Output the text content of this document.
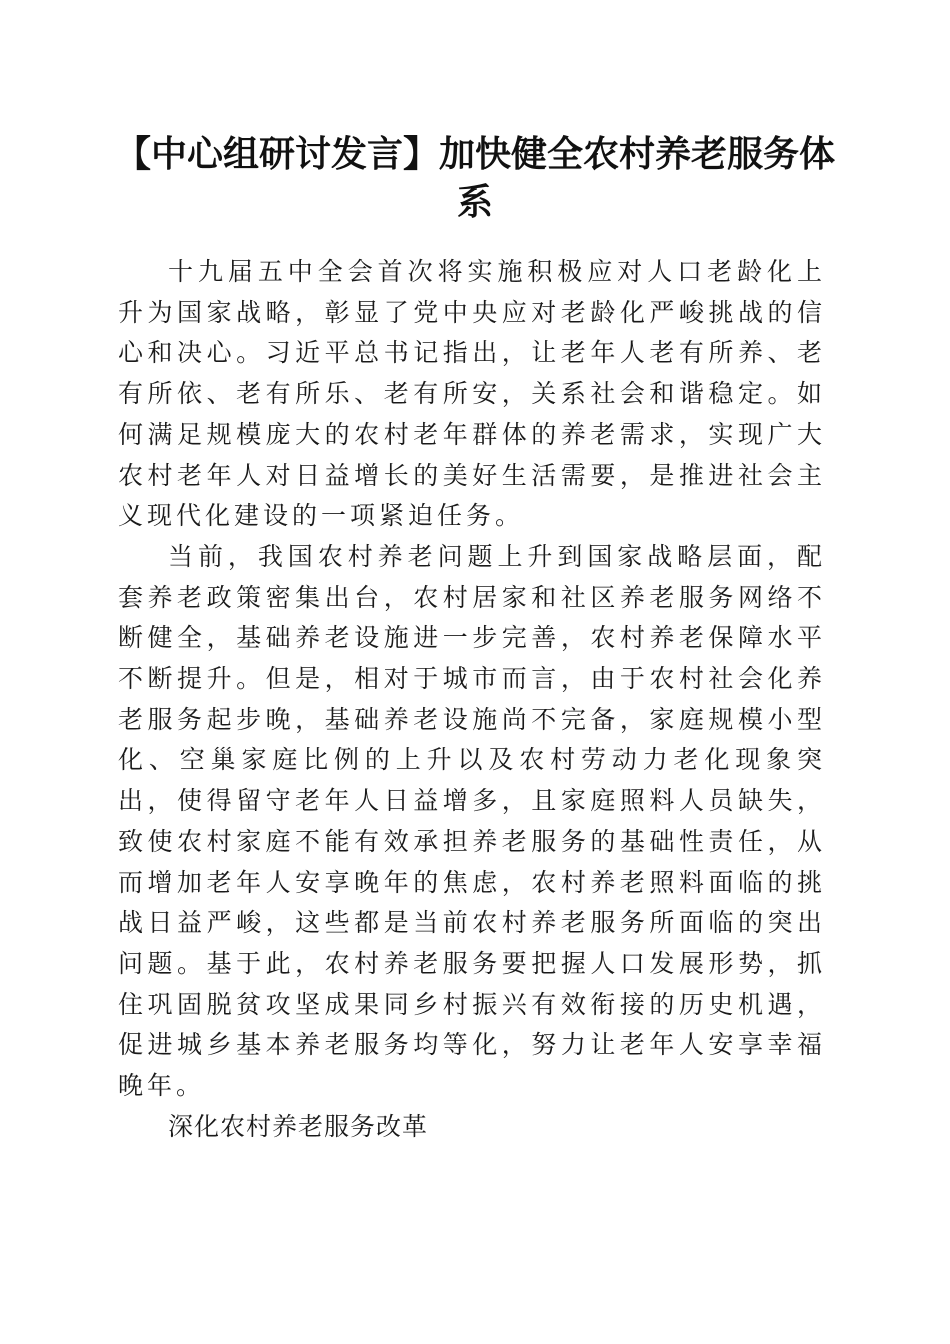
【中心组研讨发言】加快健全农村养老服务体系

十九届五中全会首次将实施积极应对人口老龄化上升为国家战略，彰显了党中央应对老龄化严峻挑战的信心和决心。习近平总书记指出，让老年人老有所养、老有所依、老有所乐、老有所安，关系社会和谐稳定。如何满足规模庞大的农村老年群体的养老需求，实现广大农村老年人对日益增长的美好生活需要，是推进社会主义现代化建设的一项紧迫任务。

当前，我国农村养老问题上升到国家战略层面，配套养老政策密集出台，农村居家和社区养老服务网络不断健全，基础养老设施进一步完善，农村养老保障水平不断提升。但是，相对于城市而言，由于农村社会化养老服务起步晚，基础养老设施尚不完备，家庭规模小型化、空巢家庭比例的上升以及农村劳动力老化现象突出，使得留守老年人日益增多，且家庭照料人员缺失，致使农村家庭不能有效承担养老服务的基础性责任，从而增加老年人安享晚年的焦虑，农村养老照料面临的挑战日益严峻，这些都是当前农村养老服务所面临的突出问题。基于此，农村养老服务要把握人口发展形势，抓住巩固脱贫攻坚成果同乡村振兴有效衔接的历史机遇，促进城乡基本养老服务均等化，努力让老年人安享幸福晚年。

深化农村养老服务改革
